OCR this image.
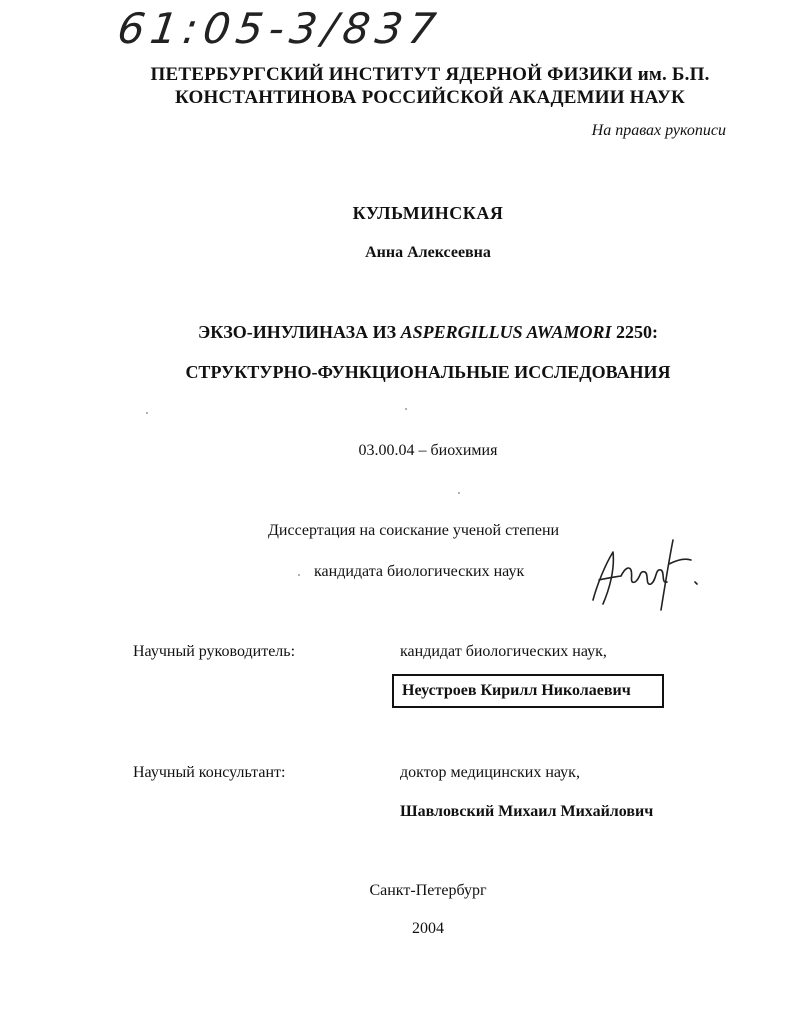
61:05-3/837
ПЕТЕРБУРГСКИЙ ИНСТИТУТ ЯДЕРНОЙ ФИЗИКИ им. Б.П.
КОНСТАНТИНОВА РОССИЙСКОЙ АКАДЕМИИ НАУК
На правах рукописи
КУЛЬМИНСКАЯ
Анна Алексеевна
ЭКЗО-ИНУЛИНАЗА ИЗ ASPERGILLUS AWAMORI 2250:
СТРУКТУРНО-ФУНКЦИОНАЛЬНЫЕ ИССЛЕДОВАНИЯ
03.00.04 – биохимия
Диссертация на соискание ученой степени
кандидата биологических наук
Научный руководитель:	кандидат биологических наук,
Неустроев Кирилл Николаевич
Научный консультант:	доктор медицинских наук,
Шавловский Михаил Михайлович
Санкт-Петербург
2004
